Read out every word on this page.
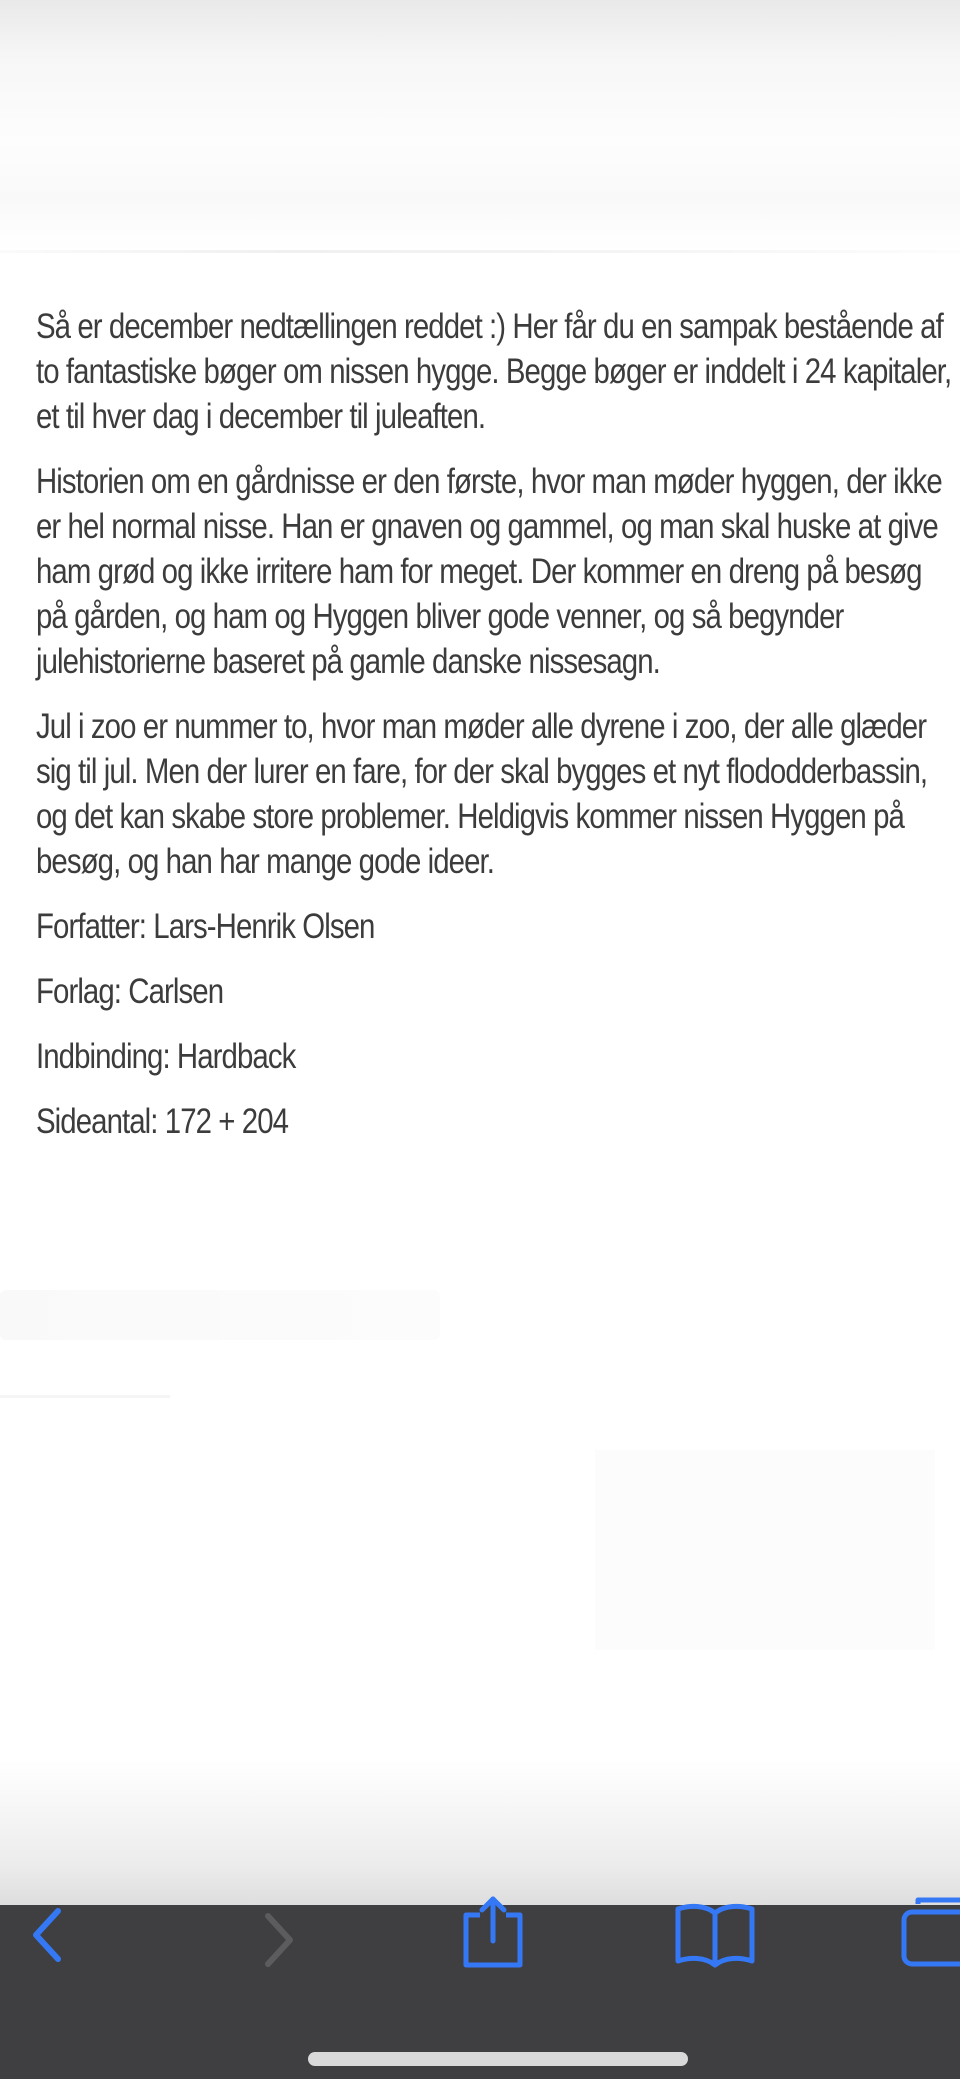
Så er december nedtællingen reddet :) Her får du en sampak bestående af to fantastiske bøger om nissen hygge. Begge bøger er inddelt i 24 kapitaler, et til hver dag i december til juleaften.

Historien om en gårdnisse er den første, hvor man møder hyggen, der ikke er hel normal nisse. Han er gnaven og gammel, og man skal huske at give ham grød og ikke irritere ham for meget. Der kommer en dreng på besøg på gården, og ham og Hyggen bliver gode venner, og så begynder julehistorierne baseret på gamle danske nissesagn.

Jul i zoo er nummer to, hvor man møder alle dyrene i zoo, der alle glæder sig til jul. Men der lurer en fare, for der skal bygges et nyt flododderbassin, og det kan skabe store problemer. Heldigvis kommer nissen Hyggen på besøg, og han har mange gode ideer.

Forfatter: Lars-Henrik Olsen

Forlag: Carlsen

Indbinding: Hardback

Sideantal: 172 + 204
